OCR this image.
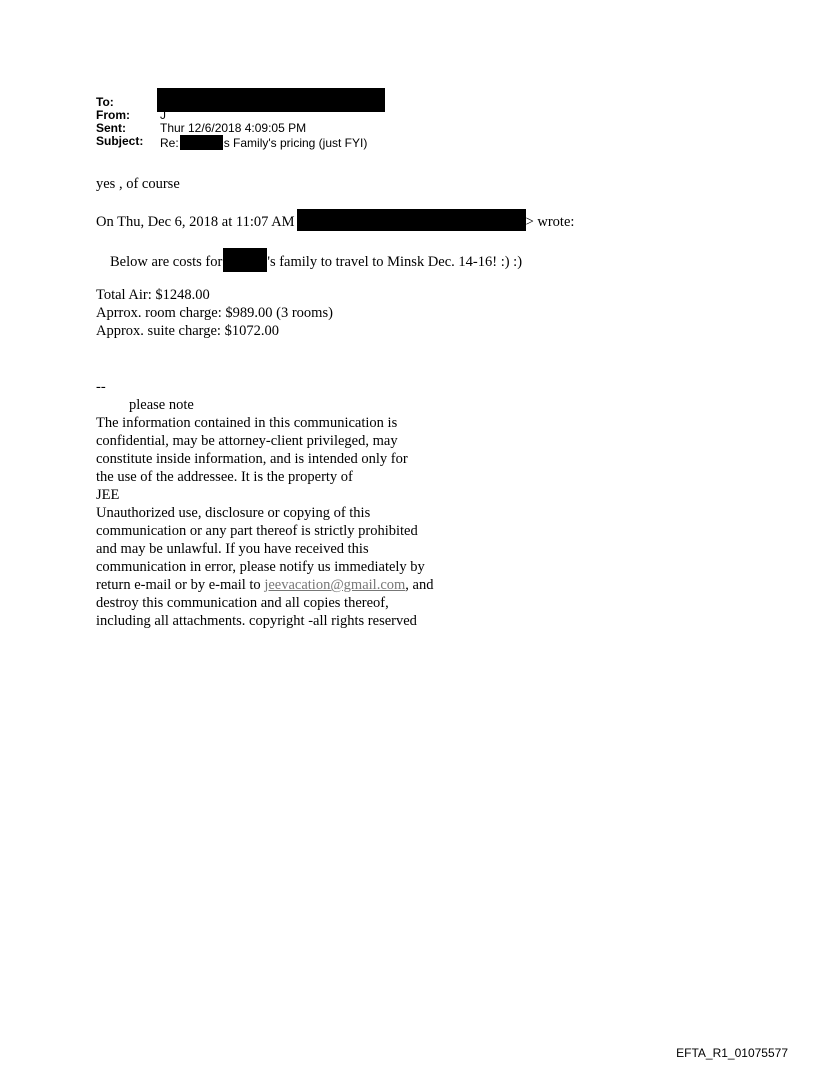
To:
From:	J
Sent:	Thur 12/6/2018 4:09:05 PM
Subject: Re:	s Family's pricing (just FYI)
yes , of course
On Thu, Dec 6, 2018 at 11:07 AM	> wrote:
Below are costs for	's family to travel to Minsk Dec. 14-16! :) :)
Total Air: $1248.00
Aprrox. room charge: $989.00 (3 rooms)
Approx. suite charge: $1072.00
--
please note
The information contained in this communication is
confidential, may be attorney-client privileged, may
constitute inside information, and is intended only for
the use of the addressee. It is the property of
JEE
Unauthorized use, disclosure or copying of this
communication or any part thereof is strictly prohibited
and may be unlawful. If you have received this
communication in error, please notify us immediately by
return e-mail or by e-mail to jeevacation@gmail.com, and
destroy this communication and all copies thereof,
including all attachments. copyright -all rights reserved
EFTA_R1_01075577
